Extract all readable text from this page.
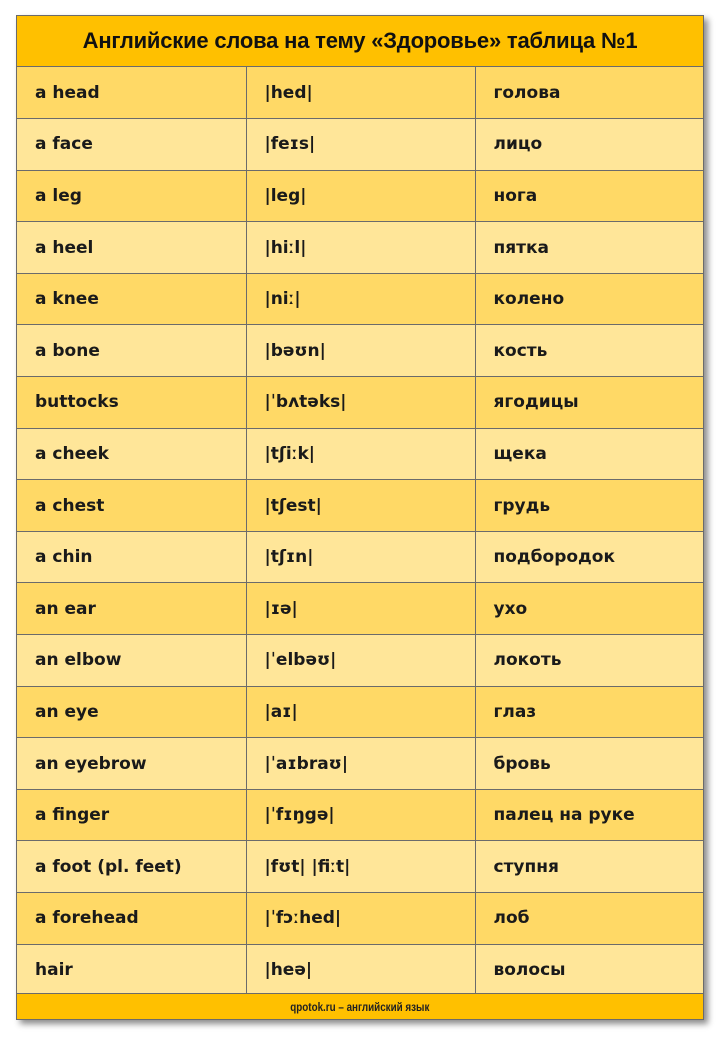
Английские слова на тему «Здоровье» таблица №1
a head	|hed|	голова
a face	|feɪs|	лицо
a leg	|leg|	нога
a heel	|hiːl|	пятка
a knee	|niː|	колено
a bone	|bəʊn|	кость
buttocks	|ˈbʌtəks|	ягодицы
a cheek	|tʃiːk|	щека
a chest	|tʃest|	грудь
a chin	|tʃɪn|	подбородок
an ear	|ɪə|	ухо
an elbow	|ˈelbəʊ|	локоть
an eye	|aɪ|	глаз
an eyebrow	|ˈaɪbraʊ|	бровь
a finger	|ˈfɪŋgə|	палец на руке
a foot (pl. feet)	|fʊt| |fiːt|	ступня
a forehead	|ˈfɔːhed|	лоб
hair	|heə|	волосы
qpotok.ru – английский язык
